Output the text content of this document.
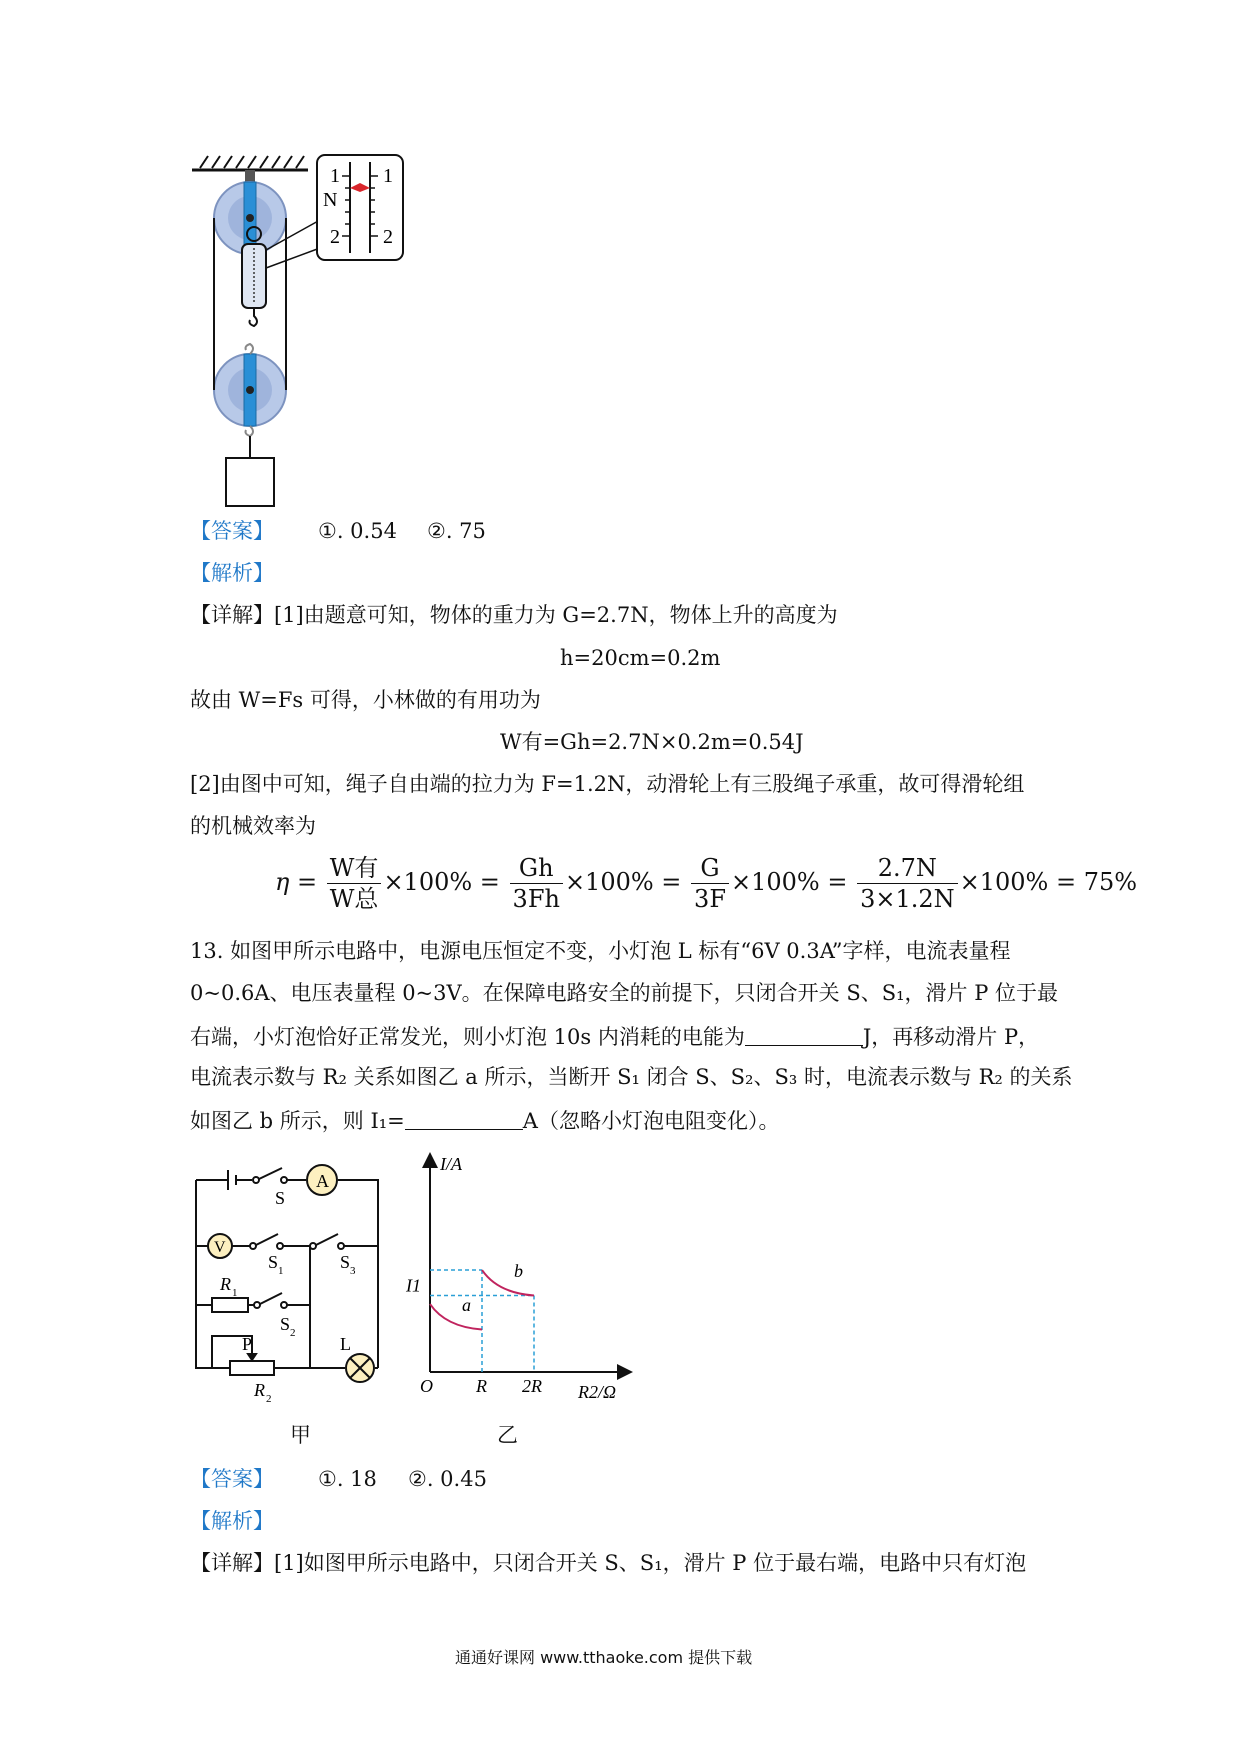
1 1
N
2 2
【答案】 ①. 0.54 ②. 75
【解析】
【详解】[1]由题意可知，物体的重力为 G=2.7N，物体上升的高度为
h=20cm=0.2m
故由 W=Fs 可得，小林做的有用功为
W有=Gh=2.7N×0.2m=0.54J
[2]由图中可知，绳子自由端的拉力为 F=1.2N，动滑轮上有三股绳子承重，故可得滑轮组
的机械效率为
$\eta = \frac{\text{W有}}{\text{W总}} \times 100\% = \frac{Gh}{3Fh} \times 100\% = \frac{G}{3F} \times 100\% = \frac{2.7N}{3\times 1.2N} \times 100\% = 75\%$
13. 如图甲所示电路中，电源电压恒定不变，小灯泡 L 标有“6V 0.3A”字样，电流表量程
0~0.6A、电压表量程 0~3V。在保障电路安全的前提下，只闭合开关 S、S₁，滑片 P 位于最
右端，小灯泡恰好正常发光，则小灯泡 10s 内消耗的电能为	J，再移动滑片 P，
电流表示数与 R₂ 关系如图乙 a 所示，当断开 S₁ 闭合 S、S₂、S₃ 时，电流表示数与 R₂ 的关系
如图乙 b 所示，则 I₁=	A（忽略小灯泡电阻变化）。
A
V
S
S 1	S 3
R 1
S 2
P	L
R 2
a
b
I/A
R2/Ω
O R 2R
I1
甲	乙
【答案】 ①. 18 ②. 0.45
【解析】
【详解】[1]如图甲所示电路中，只闭合开关 S、S₁，滑片 P 位于最右端，电路中只有灯泡
通通好课网 www.tthaoke.com 提供下载
